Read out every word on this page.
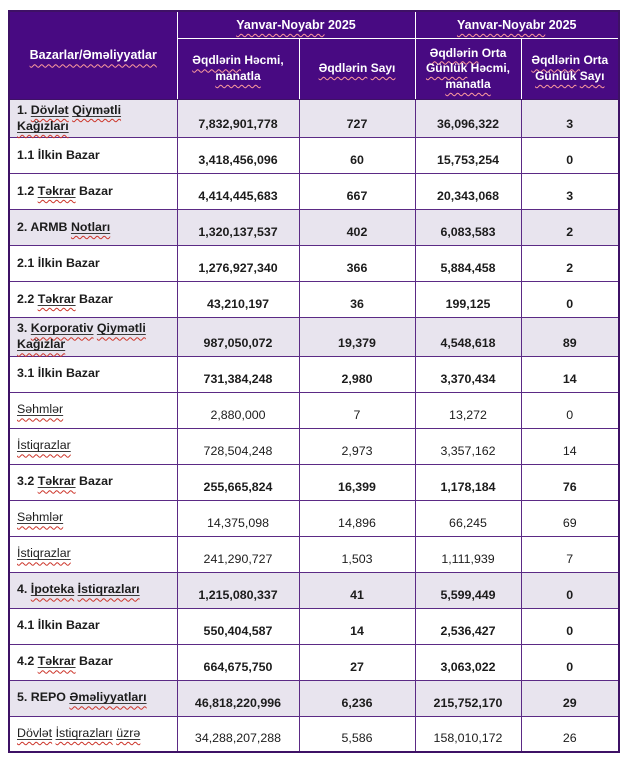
Bazarlar/Əməliyyatlar	Yanvar-Noyabr 2025		Yanvar-Noyabr 2025	
	Əqdlərin Həcmi, manatla	Əqdlərin Sayı	Əqdlərin Orta Günlük Həcmi, manatla	Əqdlərin Orta Günlük Sayı
1. Dövlət Qiymətli Kağızları	7,832,901,778	727	36,096,322	3
1.1 İlkin Bazar	3,418,456,096	60	15,753,254	0
1.2 Təkrar Bazar	4,414,445,683	667	20,343,068	3
2. ARMB Notları	1,320,137,537	402	6,083,583	2
2.1 İlkin Bazar	1,276,927,340	366	5,884,458	2
2.2 Təkrar Bazar	43,210,197	36	199,125	0
3. Korporativ Qiymətli Kağızlar	987,050,072	19,379	4,548,618	89
3.1 İlkin Bazar	731,384,248	2,980	3,370,434	14
Səhmlər	2,880,000	7	13,272	0
İstiqrazlar	728,504,248	2,973	3,357,162	14
3.2 Təkrar Bazar	255,665,824	16,399	1,178,184	76
Səhmlər	14,375,098	14,896	66,245	69
İstiqrazlar	241,290,727	1,503	1,111,939	7
4. İpoteka İstiqrazları	1,215,080,337	41	5,599,449	0
4.1 İlkin Bazar	550,404,587	14	2,536,427	0
4.2 Təkrar Bazar	664,675,750	27	3,063,022	0
5. REPO Əməliyyatları	46,818,220,996	6,236	215,752,170	29
Dövlət İstiqrazları üzrə	34,288,207,288	5,586	158,010,172	26
